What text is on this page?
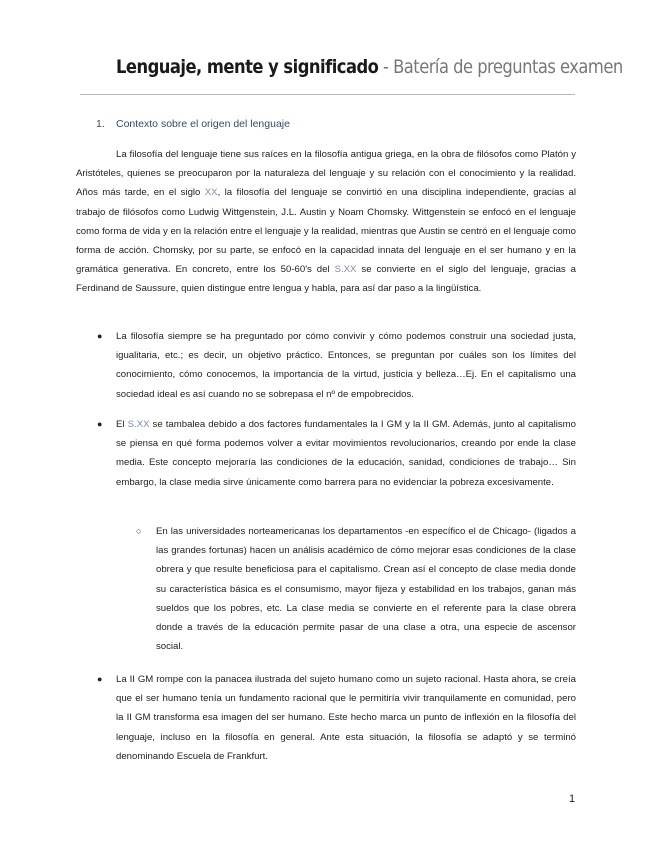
Lenguaje, mente y significado - Batería de preguntas examen
1. Contexto sobre el origen del lenguaje
La filosofía del lenguaje tiene sus raíces en la filosofía antigua griega, en la obra de filósofos como Platón y Aristóteles, quienes se preocuparon por la naturaleza del lenguaje y su relación con el conocimiento y la realidad. Años más tarde, en el siglo XX, la filosofía del lenguaje se convirtió en una disciplina independiente, gracias al trabajo de filósofos como Ludwig Wittgenstein, J.L. Austin y Noam Chomsky. Wittgenstein se enfocó en el lenguaje como forma de vida y en la relación entre el lenguaje y la realidad, mientras que Austin se centró en el lenguaje como forma de acción. Chomsky, por su parte, se enfocó en la capacidad innata del lenguaje en el ser humano y en la gramática generativa. En concreto, entre los 50-60's del S.XX se convierte en el siglo del lenguaje, gracias a Ferdinand de Saussure, quien distingue entre lengua y habla, para así dar paso a la lingüística.
● La filosofía siempre se ha preguntado por cómo convivir y cómo podemos construir una sociedad justa, igualitaria, etc.; es decir, un objetivo práctico. Entonces, se preguntan por cuáles son los límites del conocimiento, cómo conocemos, la importancia de la virtud, justicia y belleza…Ej. En el capitalismo una sociedad ideal es así cuando no se sobrepasa el nº de empobrecidos.
● El S.XX se tambalea debido a dos factores fundamentales la I GM y la II GM. Además, junto al capitalismo se piensa en qué forma podemos volver a evitar movimientos revolucionarios, creando por ende la clase media. Este concepto mejoraría las condiciones de la educación, sanidad, condiciones de trabajo… Sin embargo, la clase media sirve únicamente como barrera para no evidenciar la pobreza excesivamente.
○ En las universidades norteamericanas los departamentos -en específico el de Chicago- (ligados a las grandes fortunas) hacen un análisis académico de cómo mejorar esas condiciones de la clase obrera y que resulte beneficiosa para el capitalismo. Crean así el concepto de clase media donde su característica básica es el consumismo, mayor fijeza y estabilidad en los trabajos, ganan más sueldos que los pobres, etc. La clase media se convierte en el referente para la clase obrera donde a través de la educación permite pasar de una clase a otra, una especie de ascensor social.
● La II GM rompe con la panacea ilustrada del sujeto humano como un sujeto racional. Hasta ahora, se creía que el ser humano tenía un fundamento racional que le permitiría vivir tranquilamente en comunidad, pero la II GM transforma esa imagen del ser humano. Este hecho marca un punto de inflexión en la filosofía del lenguaje, incluso en la filosofía en general. Ante esta situación, la filosofía se adaptó y se terminó denominando Escuela de Frankfurt.
1
